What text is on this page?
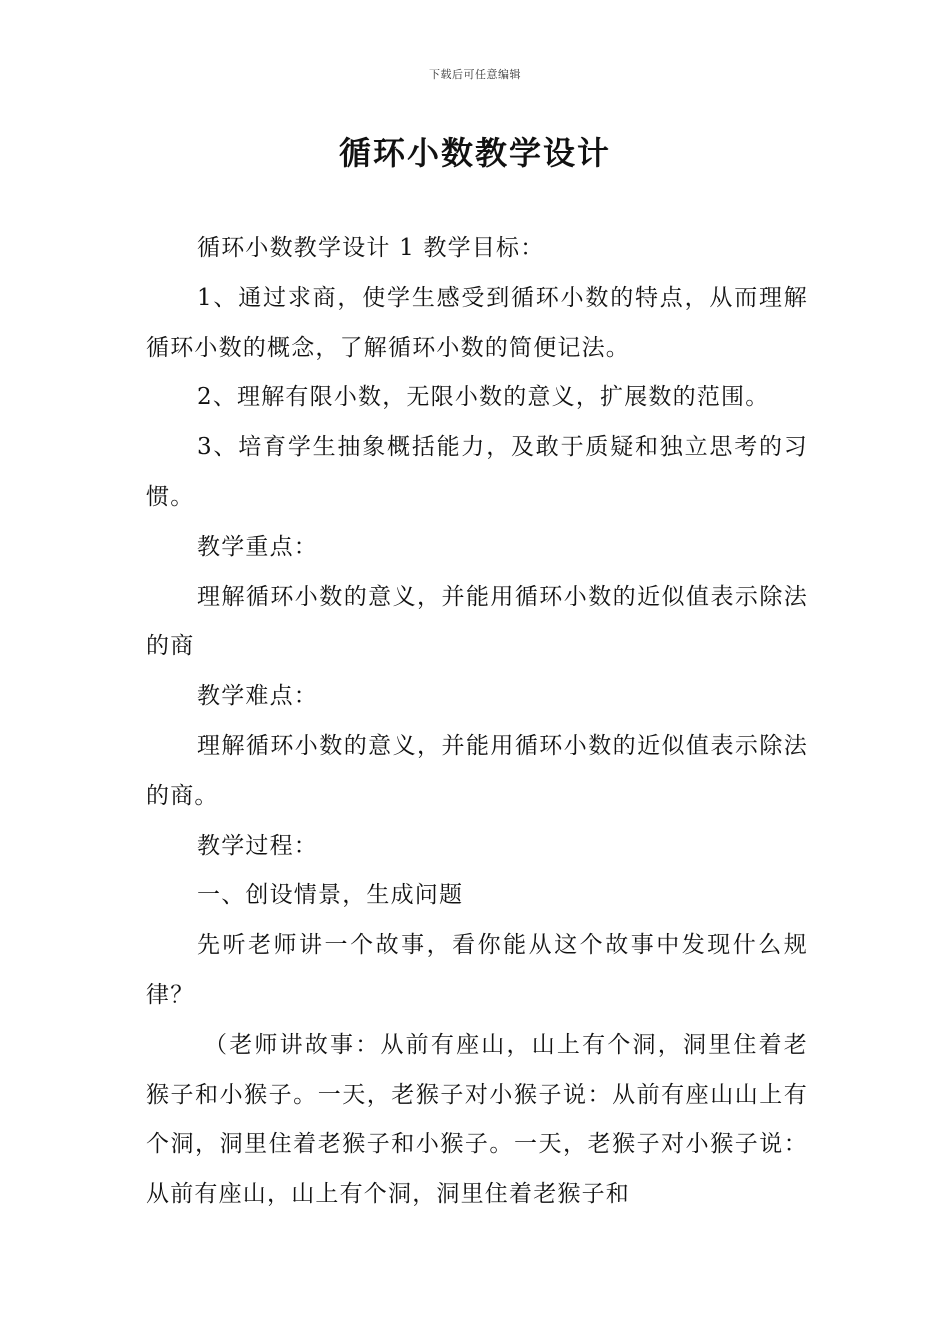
下载后可任意编辑
循环小数教学设计

循环小数教学设计 1 教学目标：

1、通过求商，使学生感受到循环小数的特点，从而理解循环小数的概念，了解循环小数的简便记法。

2、理解有限小数，无限小数的意义，扩展数的范围。

3、培育学生抽象概括能力，及敢于质疑和独立思考的习惯。

教学重点：

理解循环小数的意义，并能用循环小数的近似值表示除法的商

教学难点：

理解循环小数的意义，并能用循环小数的近似值表示除法的商。

教学过程：

一、创设情景，生成问题

先听老师讲一个故事，看你能从这个故事中发现什么规律？

（老师讲故事：从前有座山，山上有个洞，洞里住着老猴子和小猴子。一天，老猴子对小猴子说：从前有座山山上有个洞，洞里住着老猴子和小猴子。一天，老猴子对小猴子说：从前有座山，山上有个洞，洞里住着老猴子和
